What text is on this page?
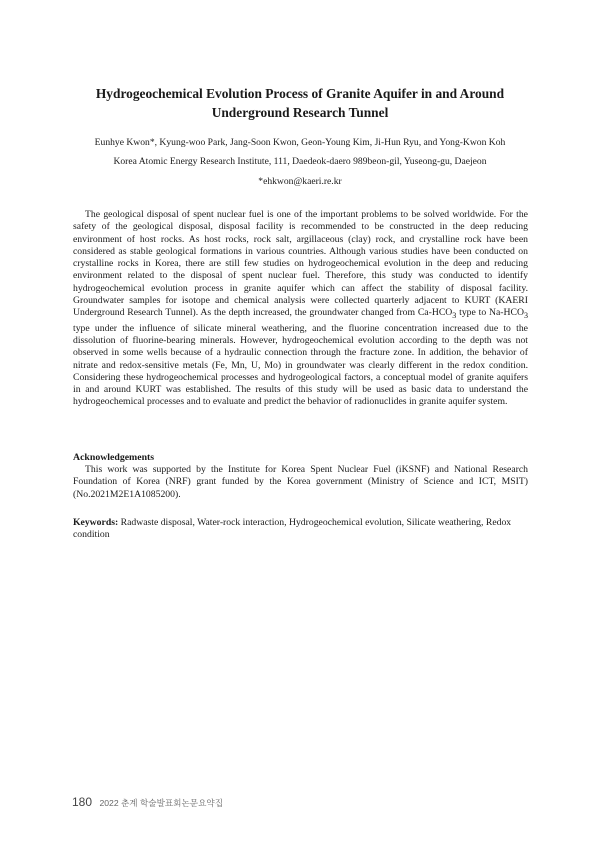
Hydrogeochemical Evolution Process of Granite Aquifer in and Around Underground Research Tunnel
Eunhye Kwon*, Kyung-woo Park, Jang-Soon Kwon, Geon-Young Kim, Ji-Hun Ryu, and Yong-Kwon Koh
Korea Atomic Energy Research Institute, 111, Daedeok-daero 989beon-gil, Yuseong-gu, Daejeon
*ehkwon@kaeri.re.kr

The geological disposal of spent nuclear fuel is one of the important problems to be solved worldwide. For the safety of the geological disposal, disposal facility is recommended to be constructed in the deep reducing environment of host rocks. As host rocks, rock salt, argillaceous (clay) rock, and crystalline rock have been considered as stable geological formations in various countries. Although various studies have been conducted on crystalline rocks in Korea, there are still few studies on hydrogeochemical evolution in the deep and reducing environment related to the disposal of spent nuclear fuel. Therefore, this study was conducted to identify hydrogeochemical evolution process in granite aquifer which can affect the stability of disposal facility. Groundwater samples for isotope and chemical analysis were collected quarterly adjacent to KURT (KAERI Underground Research Tunnel). As the depth increased, the groundwater changed from $Ca-HCO_3$ type to $Na-HCO_3$ type under the influence of silicate mineral weathering, and the fluorine concentration increased due to the dissolution of fluorine-bearing minerals. However, hydrogeochemical evolution according to the depth was not observed in some wells because of a hydraulic connection through the fracture zone. In addition, the behavior of nitrate and redox-sensitive metals (Fe, Mn, U, Mo) in groundwater was clearly different in the redox condition. Considering these hydrogeochemical processes and hydrogeological factors, a conceptual model of granite aquifers in and around KURT was established. The results of this study will be used as basic data to understand the hydrogeochemical processes and to evaluate and predict the behavior of radionuclides in granite aquifer system.

Acknowledgements

This work was supported by the Institute for Korea Spent Nuclear Fuel (iKSNF) and National Research Foundation of Korea (NRF) grant funded by the Korea government (Ministry of Science and ICT, MSIT) (No.2021M2E1A1085200).

Keywords: Radwaste disposal, Water-rock interaction, Hydrogeochemical evolution, Silicate weathering, Redox condition

180 2022 춘계 학술발표회논문요약집
